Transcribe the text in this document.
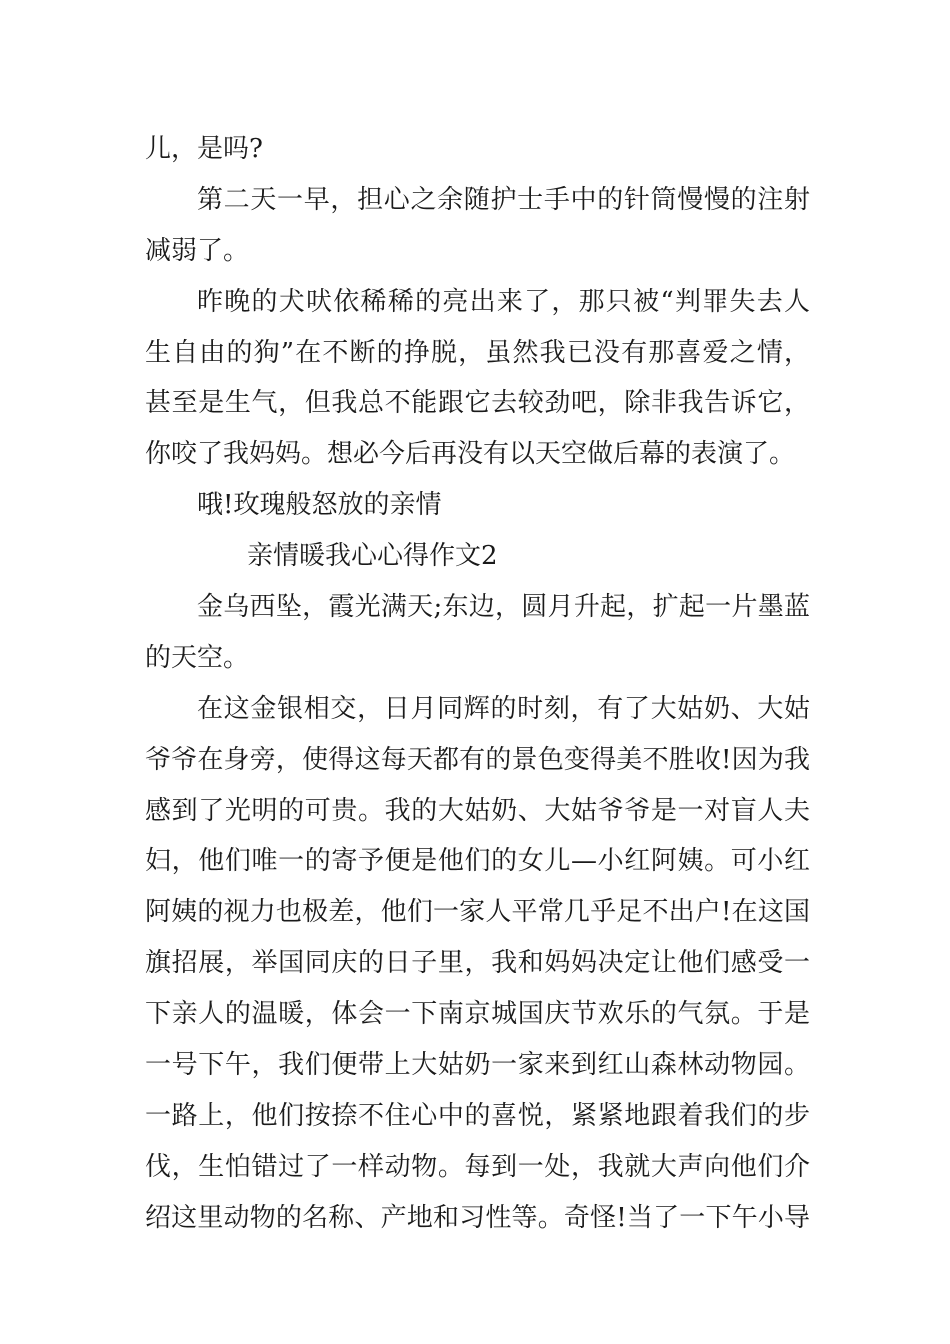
儿，是吗?
第二天一早，担心之余随护士手中的针筒慢慢的注射
减弱了。
昨晚的犬吠依稀稀的亮出来了，那只被“判罪失去人
生自由的狗”在不断的挣脱，虽然我已没有那喜爱之情，
甚至是生气，但我总不能跟它去较劲吧，除非我告诉它，
你咬了我妈妈。想必今后再没有以天空做后幕的表演了。
哦!玫瑰般怒放的亲情
亲情暖我心心得作文2
金乌西坠，霞光满天;东边，圆月升起，扩起一片墨蓝
的天空。
在这金银相交，日月同辉的时刻，有了大姑奶、大姑
爷爷在身旁，使得这每天都有的景色变得美不胜收!因为我
感到了光明的可贵。我的大姑奶、大姑爷爷是一对盲人夫
妇，他们唯一的寄予便是他们的女儿—小红阿姨。可小红
阿姨的视力也极差，他们一家人平常几乎足不出户!在这国
旗招展，举国同庆的日子里，我和妈妈决定让他们感受一
下亲人的温暖，体会一下南京城国庆节欢乐的气氛。于是
一号下午，我们便带上大姑奶一家来到红山森林动物园。
一路上，他们按捺不住心中的喜悦，紧紧地跟着我们的步
伐，生怕错过了一样动物。每到一处，我就大声向他们介
绍这里动物的名称、产地和习性等。奇怪!当了一下午小导
